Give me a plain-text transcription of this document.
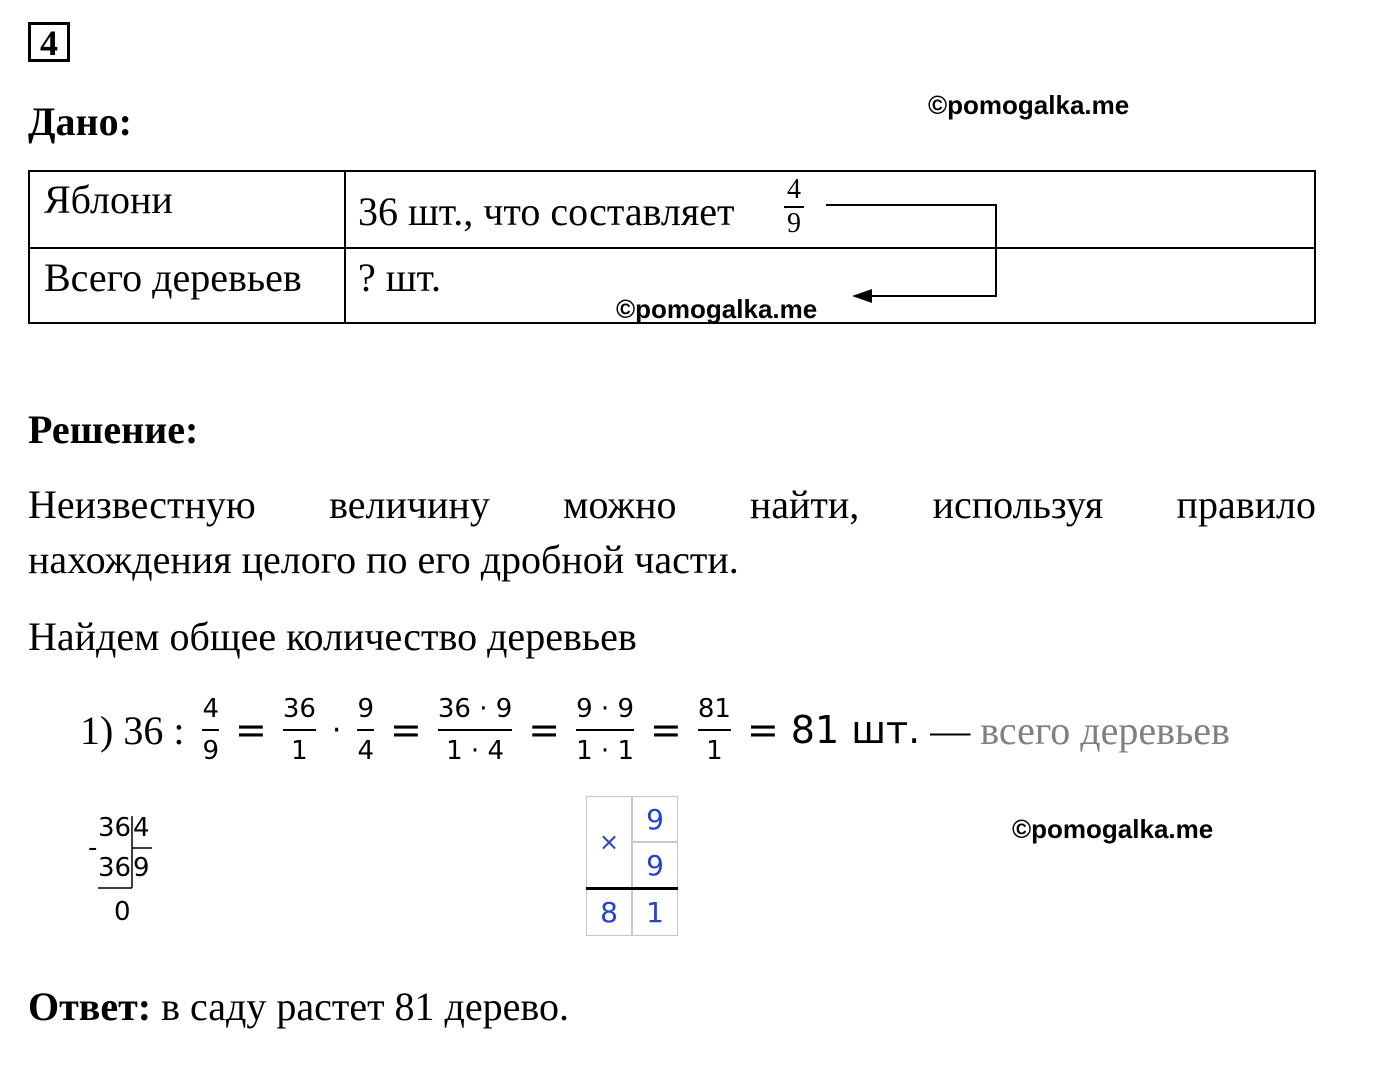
4
Дано:	©pomogalka.me
Яблони	36 шт., что составляет 4
9
Всего деревьев ? шт.
©pomogalka.me
Решение:
Неизвестную величину можно найти, используя правило
нахождения целого по его дробной части.
Найдем общее количество деревьев
1) 36 : $\frac{4}{9} = \frac{36}{1} \cdot \frac{9}{4} = \frac{36 \cdot 9}{1 \cdot 4} = \frac{9 \cdot 9}{1 \cdot 1} = \frac{81}{1} = 81$ шт. — всего деревьев
36 4
-
36 9
0
×
9
9
8	1
©pomogalka.me
Ответ: в саду растет 81 дерево.
